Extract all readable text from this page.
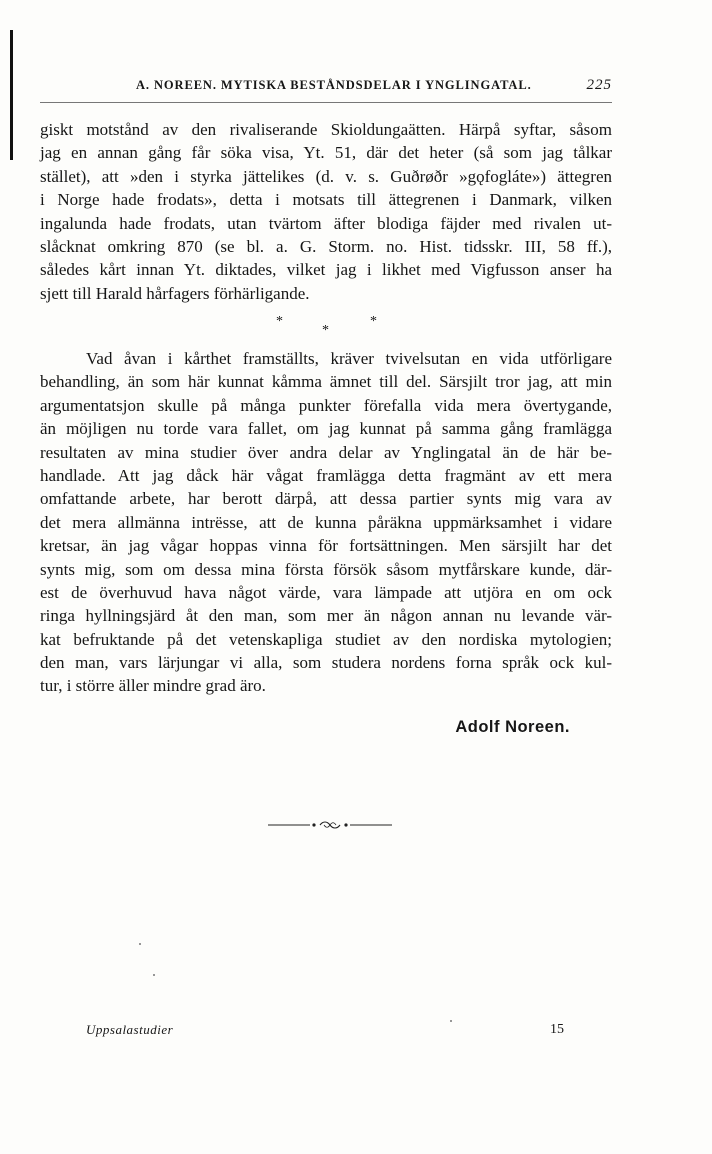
A. NOREEN. MYTISKA BESTÅNDSDELAR I YNGLINGATAL.	225
giskt motstånd av den rivaliserande Skioldungaätten. Härpå syftar, såsom
jag en annan gång får söka visa, Yt. 51, där det heter (så som jag tålkar
stället), att »den i styrka jättelikes (d. v. s. Guðrøðr »gǫfogláte») ättegren
i Norge hade frodats», detta i motsats till ättegrenen i Danmark, vilken
ingalunda hade frodats, utan tvärtom äfter blodiga fäjder med rivalen ut-
slåcknat omkring 870 (se bl. a. G. Storm. no. Hist. tidsskr. III, 58 ff.),
således kårt innan Yt. diktades, vilket jag i likhet med Vigfusson anser ha
sjett till Harald hårfagers förhärligande.
*
*
*
Vad åvan i kårthet framställts, kräver tvivelsutan en vida utförligare
behandling, än som här kunnat kåmma ämnet till del. Särsjilt tror jag, att min
argumentatsjon skulle på många punkter förefalla vida mera övertygande,
än möjligen nu torde vara fallet, om jag kunnat på samma gång framlägga
resultaten av mina studier över andra delar av Ynglingatal än de här be-
handlade. Att jag dåck här vågat framlägga detta fragmänt av ett mera
omfattande arbete, har berott därpå, att dessa partier synts mig vara av
det mera allmänna intrësse, att de kunna påräkna uppmärksamhet i vidare
kretsar, än jag vågar hoppas vinna för fortsättningen. Men särsjilt har det
synts mig, som om dessa mina första försök såsom mytfårskare kunde, där-
est de överhuvud hava något värde, vara lämpade att utjöra en om ock
ringa hyllningsjärd åt den man, som mer än någon annan nu levande vär-
kat befruktande på det vetenskapliga studiet av den nordiska mytologien;
den man, vars lärjungar vi alla, som studera nordens forna språk ock kul-
tur, i större äller mindre grad äro.
Adolf Noreen.
Uppsalastudier	15
